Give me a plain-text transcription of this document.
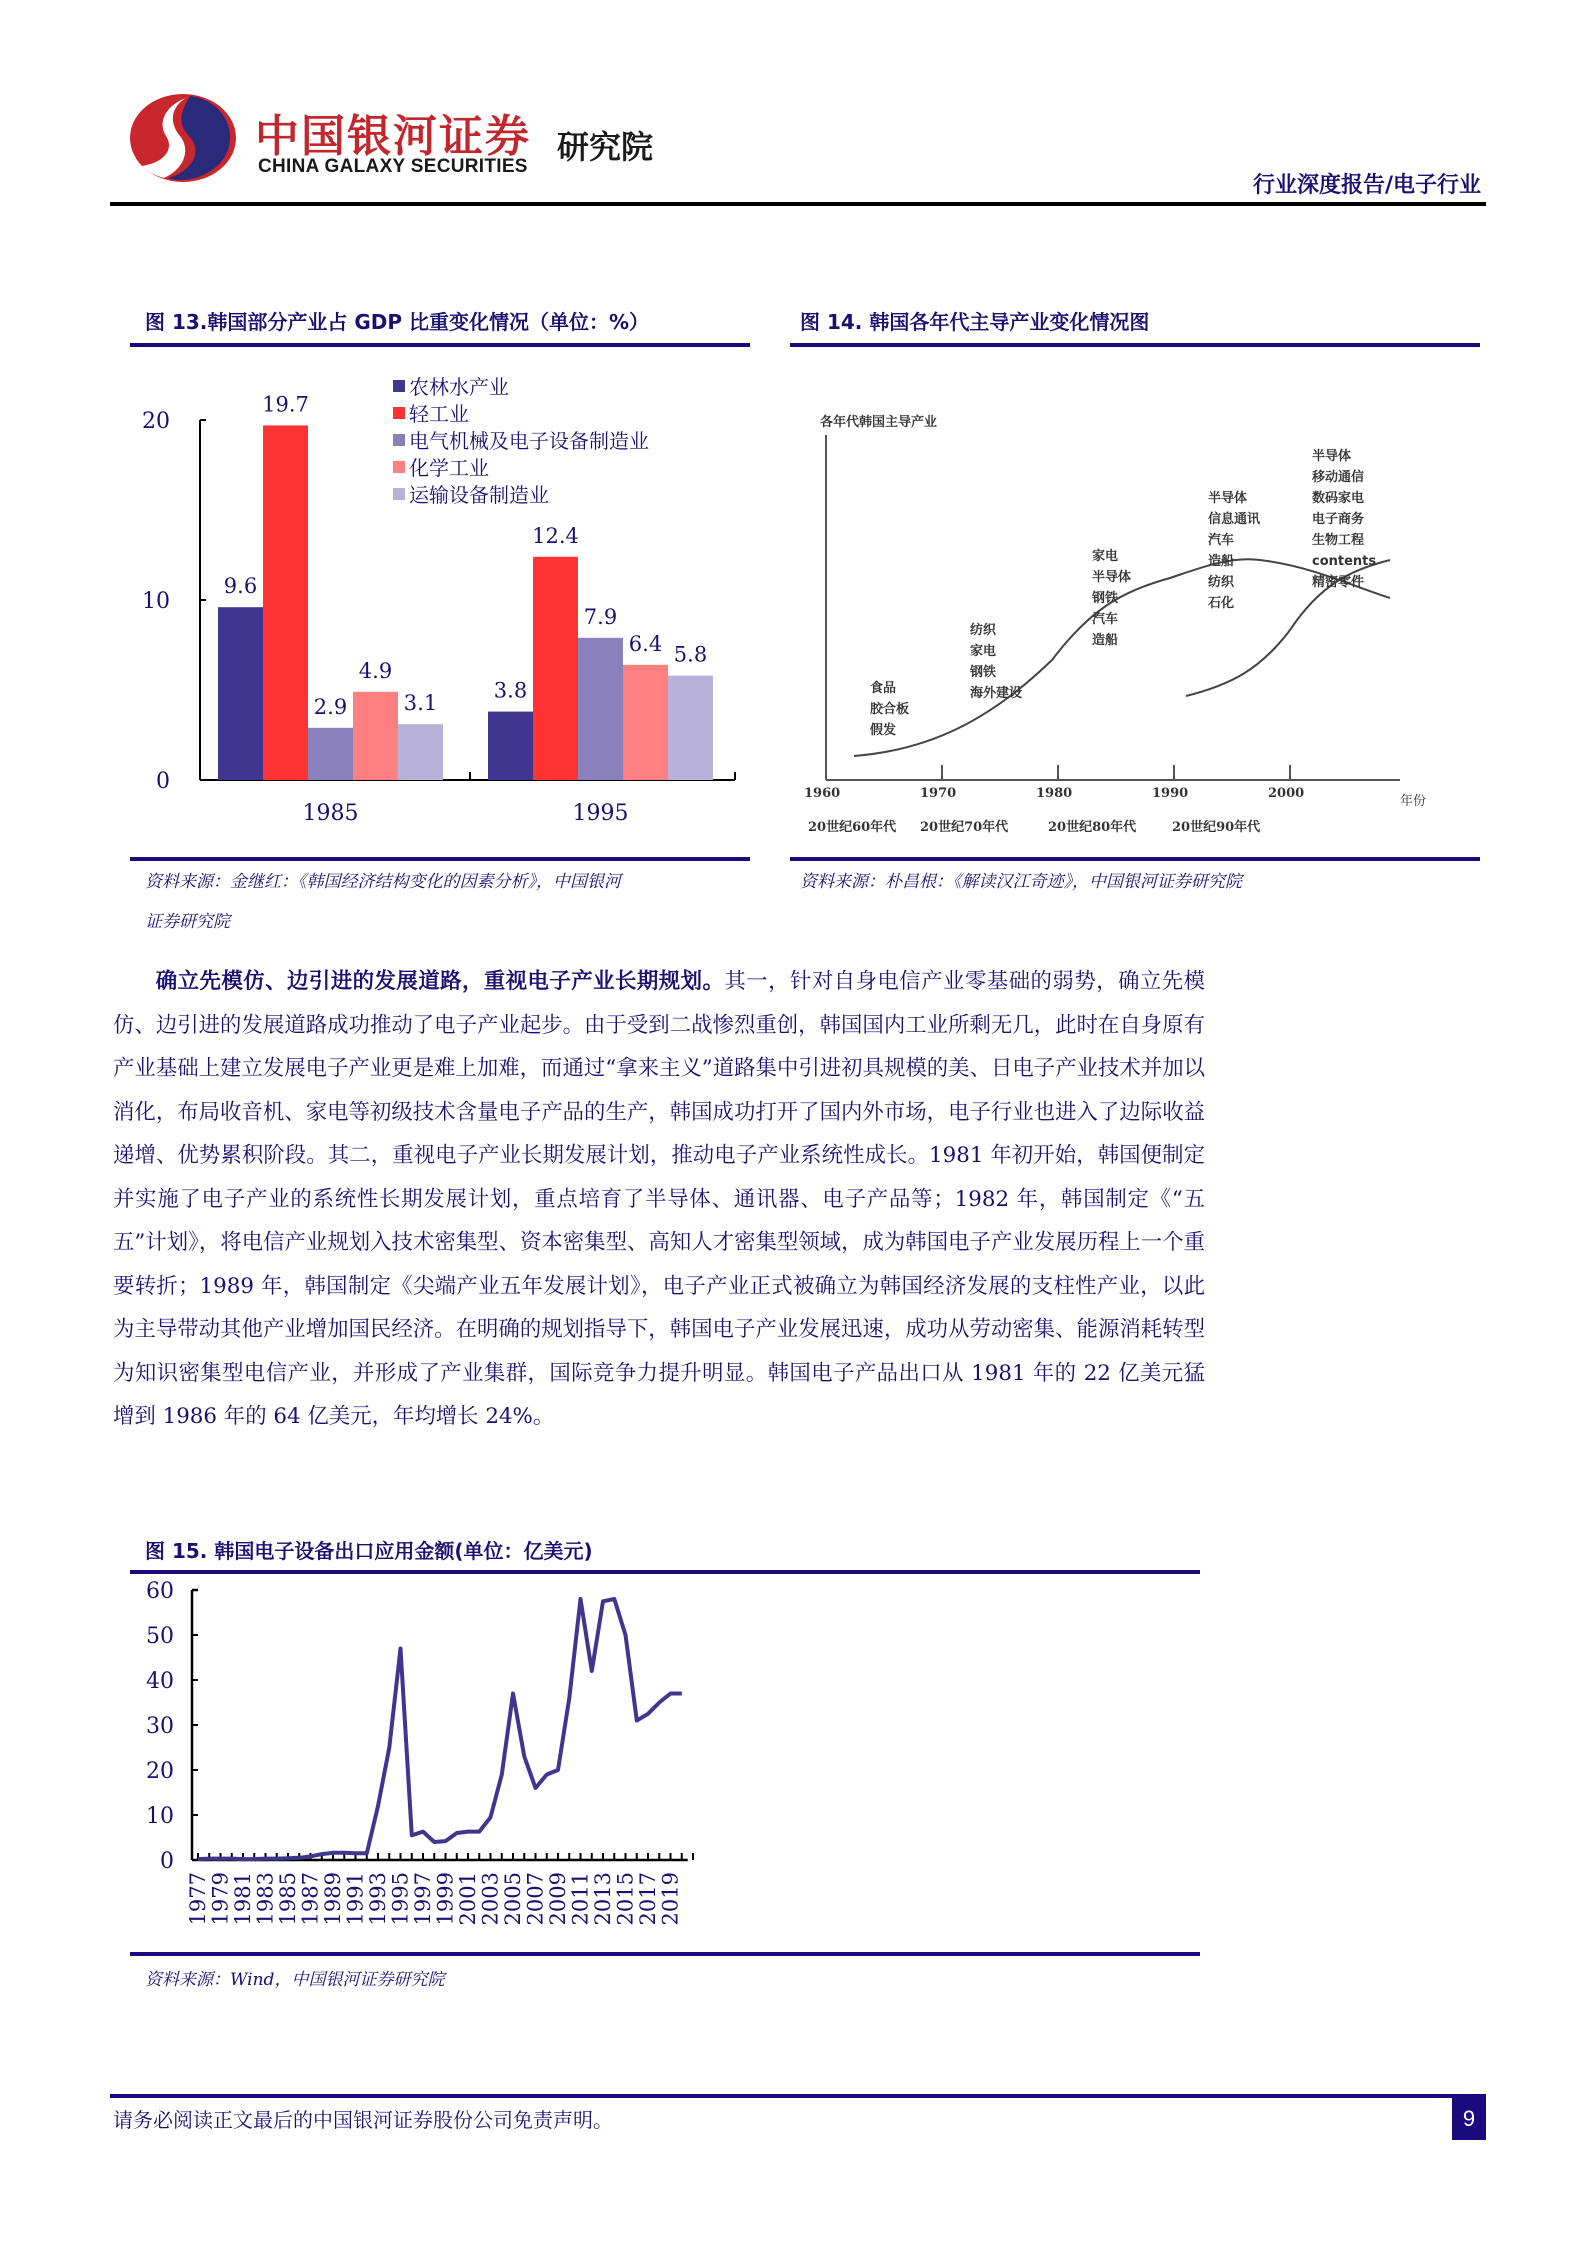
中国银河证券
CHINA GALAXY SECURITIES
研究院
行业深度报告/电子行业
图 13.韩国部分产业占 GDP 比重变化情况（单位：%）
0
10
20
9.6
19.7
2.9
4.9
3.1
1985
3.8
12.4
7.9
6.4 5.8
1995
农林水产业
轻工业
电气机械及电子设备制造业
化学工业
运输设备制造业
资料来源：金继红：《韩国经济结构变化的因素分析》，中国银河
证券研究院
图 14. 韩国各年代主导产业变化情况图
各年代韩国主导产业
食品
胶合板
假发
纺织
家电
钢铁
海外建设
家电
半导体
钢铁
汽车
造船
半导体
信息通讯
汽车
造船
纺织
石化
半导体
移动通信
数码家电
电子商务
生物工程
contents
精密零件
1960	1970	1980	1990	2000
年份
20世纪60年代 20世纪70年代	20世纪80年代	20世纪90年代
资料来源：朴昌根：《解读汉江奇迹》，中国银河证券研究院
确立先模仿、边引进的发展道路，重视电子产业长期规划。其一，针对自身电信产业零基础的弱势，确立先模仿、边引进的发展道路成功推动了电子产业起步。由于受到二战惨烈重创，韩国国内工业所剩无几，此时在自身原有产业基础上建立发展电子产业更是难上加难，而通过“拿来主义”道路集中引进初具规模的美、日电子产业技术并加以消化，布局收音机、家电等初级技术含量电子产品的生产，韩国成功打开了国内外市场，电子行业也进入了边际收益递增、优势累积阶段。其二，重视电子产业长期发展计划，推动电子产业系统性成长。1981 年初开始，韩国便制定并实施了电子产业的系统性长期发展计划，重点培育了半导体、通讯器、电子产品等；1982 年，韩国制定《“五五”计划》，将电信产业规划入技术密集型、资本密集型、高知人才密集型领域，成为韩国电子产业发展历程上一个重要转折；1989 年，韩国制定《尖端产业五年发展计划》，电子产业正式被确立为韩国经济发展的支柱性产业，以此为主导带动其他产业增加国民经济。在明确的规划指导下，韩国电子产业发展迅速，成功从劳动密集、能源消耗转型为知识密集型电信产业，并形成了产业集群，国际竞争力提升明显。韩国电子产品出口从 1981 年的 22 亿美元猛增到 1986 年的 64 亿美元，年均增长 24%。
图 15. 韩国电子设备出口应用金额(单位：亿美元)
0
10
20
30
40
50
60
1977
1979
1981
1983
1985
1987
1989
1991
1993
1995
1997
1999
2001
2003
2005
2007
2009
2011
2013
2015
2017
2019
资料来源：Wind，中国银河证券研究院
请务必阅读正文最后的中国银河证券股份公司免责声明。	9
